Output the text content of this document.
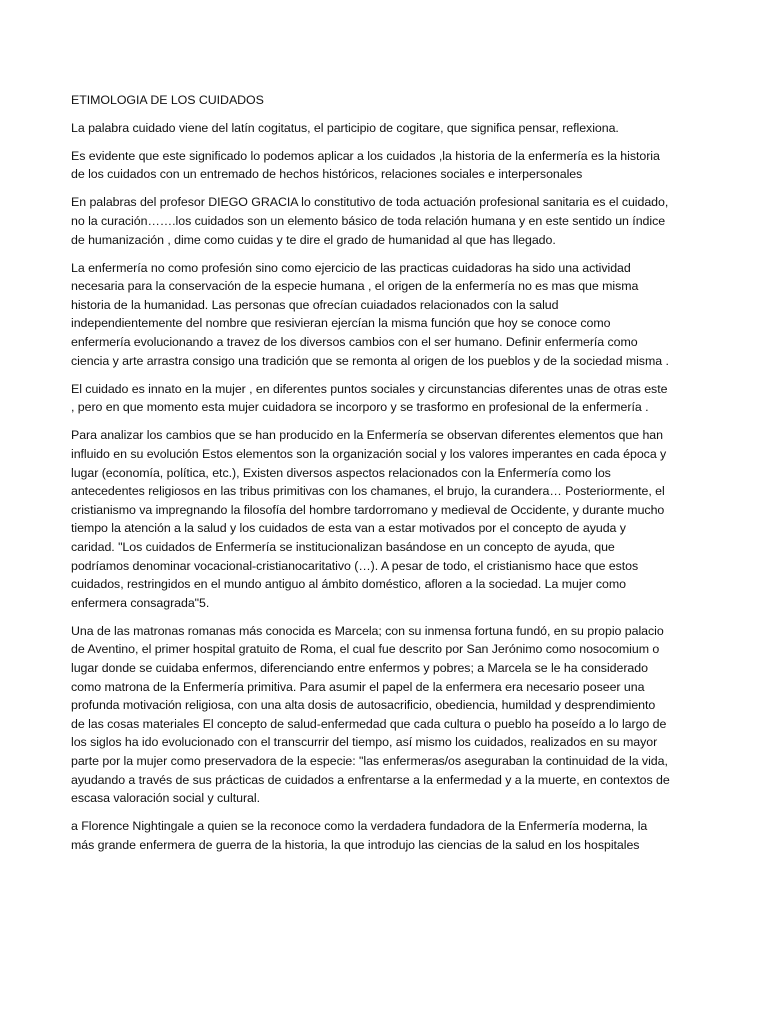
ETIMOLOGIA DE LOS CUIDADOS

La palabra cuidado viene del latín cogitatus, el participio de cogitare, que significa pensar, reflexiona.

Es evidente que este significado lo podemos aplicar a los cuidados ,la historia de la enfermería es la historia de los cuidados con un entremado de hechos históricos, relaciones sociales e interpersonales

En palabras del profesor DIEGO GRACIA lo constitutivo de toda actuación profesional sanitaria es el cuidado, no la curación…….los cuidados son un elemento básico de toda relación humana y en este sentido un índice de humanización , dime como cuidas y te dire el grado de humanidad al que has llegado.

La enfermería no como profesión sino como ejercicio de las practicas cuidadoras ha sido una actividad necesaria para la conservación de la especie humana , el origen de la enfermería no es mas que misma historia de la humanidad. Las personas que ofrecían cuiadados relacionados con la salud independientemente del nombre que resivieran ejercían la misma función que hoy se conoce como enfermería evolucionando a travez de los diversos cambios con el ser humano. Definir enfermería como ciencia y arte arrastra consigo una tradición que se remonta al origen de los pueblos y de la sociedad misma .

El cuidado es innato en la mujer , en diferentes puntos sociales y circunstancias diferentes unas de otras este , pero en que momento esta mujer cuidadora se incorporo y se trasformo en profesional de la enfermería .

Para analizar los cambios que se han producido en la Enfermería se observan diferentes elementos que han influido en su evolución Estos elementos son la organización social y los valores imperantes en cada época y lugar (economía, política, etc.), Existen diversos aspectos relacionados con la Enfermería como los antecedentes religiosos en las tribus primitivas con los chamanes, el brujo, la curandera… Posteriormente, el cristianismo va impregnando la filosofía del hombre tardorromano y medieval de Occidente, y durante mucho tiempo la atención a la salud y los cuidados de esta van a estar motivados por el concepto de ayuda y caridad. "Los cuidados de Enfermería se institucionalizan basándose en un concepto de ayuda, que podríamos denominar vocacional-cristianocaritativo (…). A pesar de todo, el cristianismo hace que estos cuidados, restringidos en el mundo antiguo al ámbito doméstico, afloren a la sociedad. La mujer como enfermera consagrada"5.

Una de las matronas romanas más conocida es Marcela; con su inmensa fortuna fundó, en su propio palacio de Aventino, el primer hospital gratuito de Roma, el cual fue descrito por San Jerónimo como nosocomium o lugar donde se cuidaba enfermos, diferenciando entre enfermos y pobres; a Marcela se le ha considerado como matrona de la Enfermería primitiva. Para asumir el papel de la enfermera era necesario poseer una profunda motivación religiosa, con una alta dosis de autosacrificio, obediencia, humildad y desprendimiento de las cosas materiales El concepto de salud-enfermedad que cada cultura o pueblo ha poseído a lo largo de los siglos ha ido evolucionado con el transcurrir del tiempo, así mismo los cuidados, realizados en su mayor parte por la mujer como preservadora de la especie: "las enfermeras/os aseguraban la continuidad de la vida, ayudando a través de sus prácticas de cuidados a enfrentarse a la enfermedad y a la muerte, en contextos de escasa valoración social y cultural.

a Florence Nightingale a quien se la reconoce como la verdadera fundadora de la Enfermería moderna, la más grande enfermera de guerra de la historia, la que introdujo las ciencias de la salud en los hospitales
